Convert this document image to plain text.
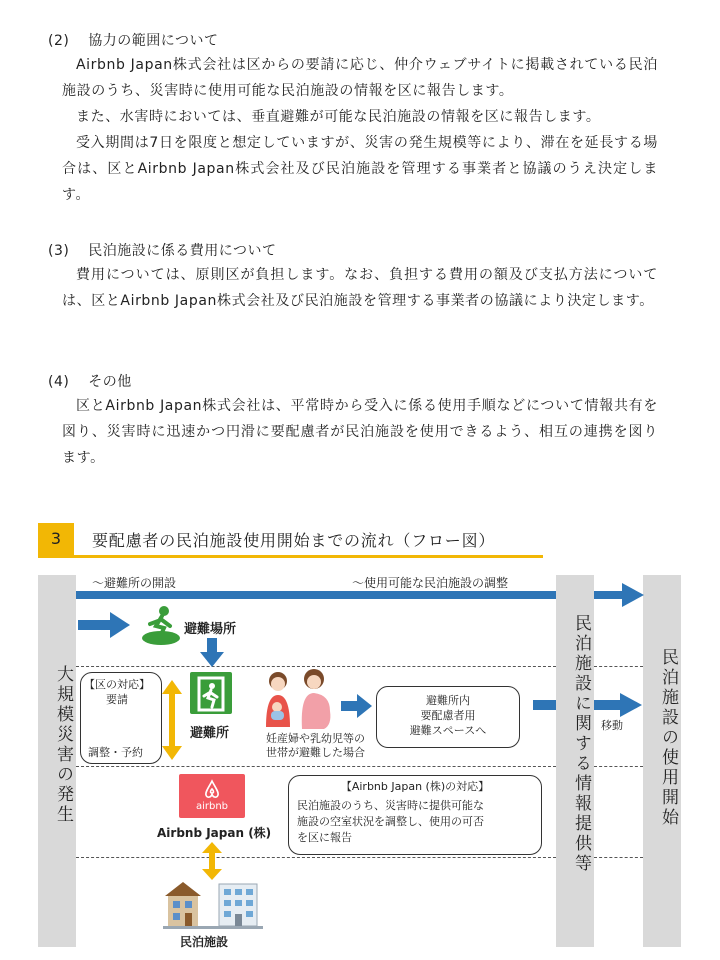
(2) 協力の範囲について
Airbnb Japan株式会社は区からの要請に応じ、仲介ウェブサイトに掲載されている民泊施設のうち、災害時に使用可能な民泊施設の情報を区に報告します。
また、水害時においては、垂直避難が可能な民泊施設の情報を区に報告します。
受入期間は7日を限度と想定していますが、災害の発生規模等により、滞在を延長する場合は、区とAirbnb Japan株式会社及び民泊施設を管理する事業者と協議のうえ決定します。
(3) 民泊施設に係る費用について
費用については、原則区が負担します。なお、負担する費用の額及び支払方法については、区とAirbnb Japan株式会社及び民泊施設を管理する事業者の協議により決定します。
(4) その他
区とAirbnb Japan株式会社は、平常時から受入に係る使用手順などについて情報共有を図り、災害時に迅速かつ円滑に要配慮者が民泊施設を使用できるよう、相互の連携を図ります。
3	要配慮者の民泊施設使用開始までの流れ（フロー図）
大規模災害の発生	民泊施設に関する情報提供等	民泊施設の使用開始
～避難所の開設	～使用可能な民泊施設の調整
避難場所
【区の対応】
要請
調整・予約
避難所	妊産婦や乳幼児等の
世帯が避難した場合
避難所内
要配慮者用
避難スペースへ	移動
airbnb
Airbnb Japan (株)
【Airbnb Japan (株)の対応】
民泊施設のうち、災害時に提供可能な
施設の空室状況を調整し、使用の可否
を区に報告
民泊施設
